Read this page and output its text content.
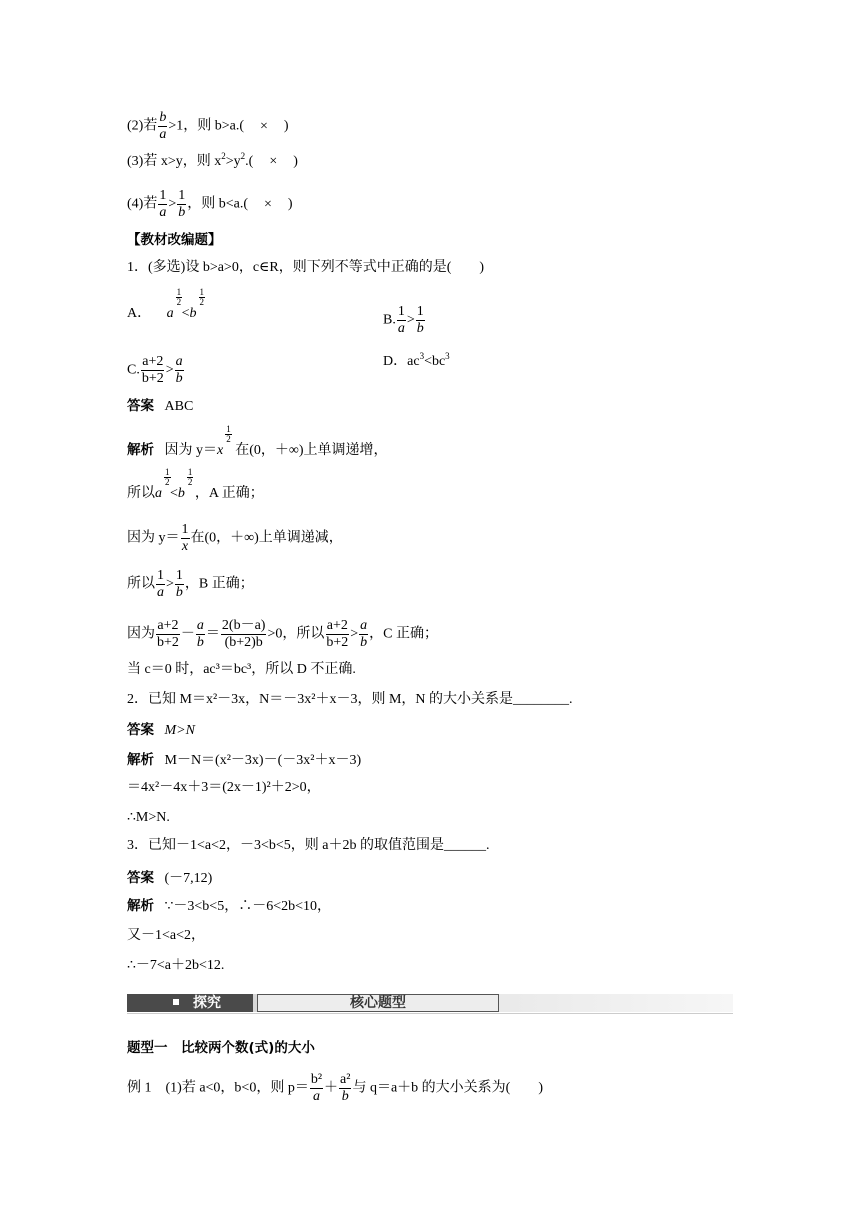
(2)若 $\frac{b}{a} >1$，则 b>a.( × )
(3)若 x>y，则 $x^2>y^2$.( × )
(4)若 $\frac{1}{a} > \frac{1}{b}$ ，则 b<a.( × )
【教材改编题】
1．(多选)设 b>a>0，c∈R，则下列不等式中正确的是(　　)
A． a
$\frac{1}{2}$
<b
$\frac{1}{2}$
B. $\frac{1}{a} > \frac{1}{b}$
C. $\frac{a+2}{b+2} > \frac{a}{b}$	D．$ac^3<bc^3$
答案 ABC
解析 因为 y＝x
$\frac{1}{2}$
在(0，＋∞)上单调递增，
所以a
$\frac{1}{2}$
<b
$\frac{1}{2}$
，A 正确；
因为 $y= \frac{1}{x}$ 在(0，＋∞)上单调递减，
所以 $\frac{1}{a} > \frac{1}{b}$ ，B 正确；
因为 $\frac{a+2}{b+2} - \frac{a}{b} = \frac{2(b-a)}{(b+2)b} >0$，所以 $\frac{a+2}{b+2} > \frac{a}{b}$ ，C 正确；
当 c＝0 时，ac³＝bc³，所以 D 不正确.
2．已知 M＝x²－3x，N＝－3x²＋x－3，则 M，N 的大小关系是________.
答案 M>N
解析 M－N＝(x²－3x)－(－3x²＋x－3)
＝4x²－4x＋3＝(2x－1)²＋2>0，
∴M>N.
3．已知－1<a<2，－3<b<5，则 a＋2b 的取值范围是______.
答案 (－7,12)
解析 ∵－3<b<5，∴－6<2b<10，
又－1<a<2，
∴－7<a＋2b<12.
探究	核心题型
题型一　比较两个数(式)的大小
例 1　(1)若 a<0，b<0，则 $p= \frac{\text{b²}}{a} + \frac{\text{a²}}{b}$ 与 q＝a＋b 的大小关系为(　　)
